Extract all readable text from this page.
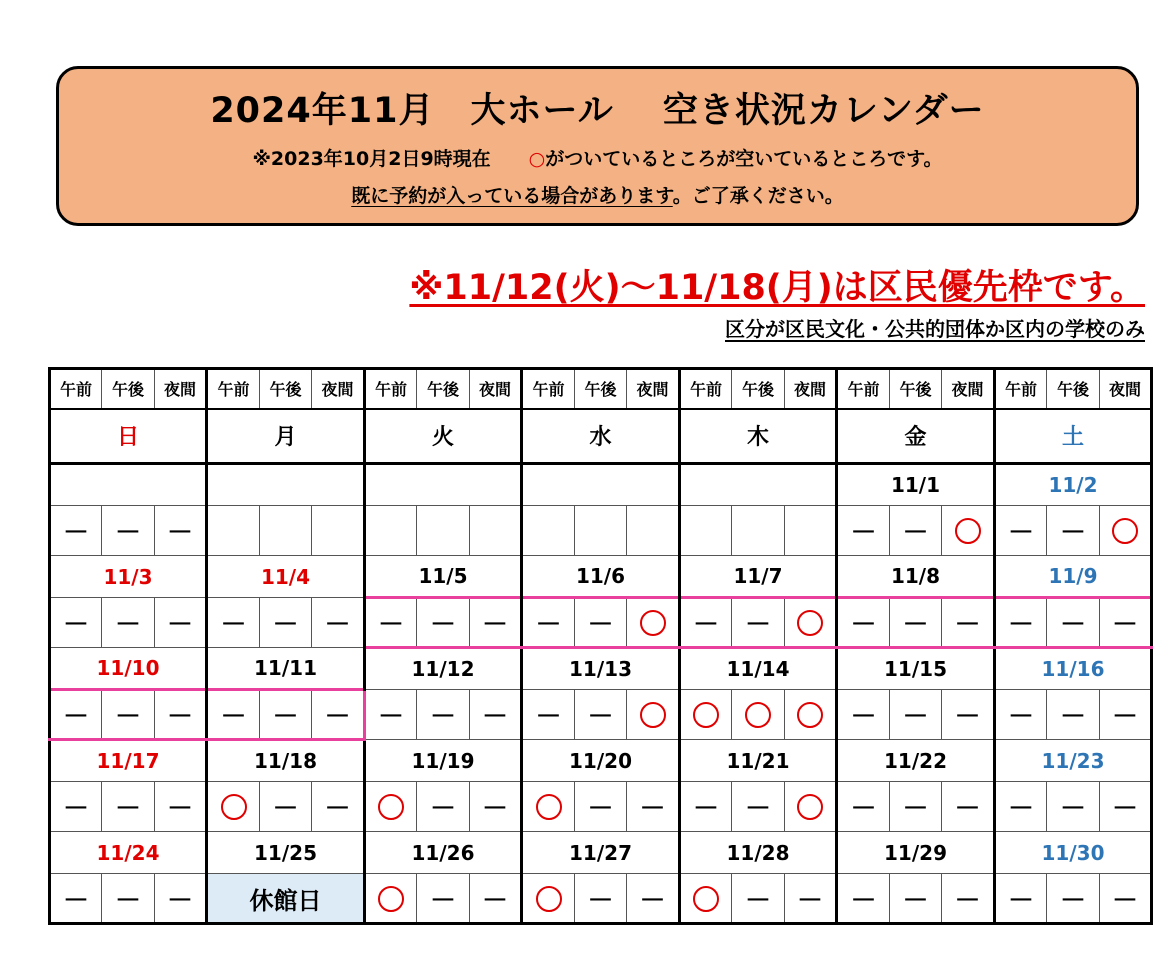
2024年11月　大ホール　 空き状況カレンダー
※2023年10月2日9時現在　　○がついているところが空いているところです。
既に予約が入っている場合があります。ご了承ください。
※11/12(火)～11/18(月)は区民優先枠です。
区分が区民文化・公共的団体か区内の学校のみ
午前	午後	夜間	午前	午後	夜間	午前	午後	夜間	午前	午後	夜間	午前	午後	夜間	午前	午後	夜間	午前	午後	夜間
日			月			火			水			木			金			土		
															11/1			11/2		
－	－	－													－	－		－	－	
11/3			11/4			11/5			11/6			11/7			11/8			11/9		
－	－	－	－	－	－	－	－	－	－	－		－	－		－	－	－	－	－	－
11/10			11/11			11/12			11/13			11/14			11/15			11/16		
－	－	－	－	－	－	－	－	－	－	－					－	－	－	－	－	－
11/17			11/18			11/19			11/20			11/21			11/22			11/23		
－	－	－		－	－		－	－		－	－	－	－		－	－	－	－	－	－
11/24			11/25			11/26			11/27			11/28			11/29			11/30		
－	－	－	休館日				－	－		－	－		－	－	－	－	－	－	－	－
